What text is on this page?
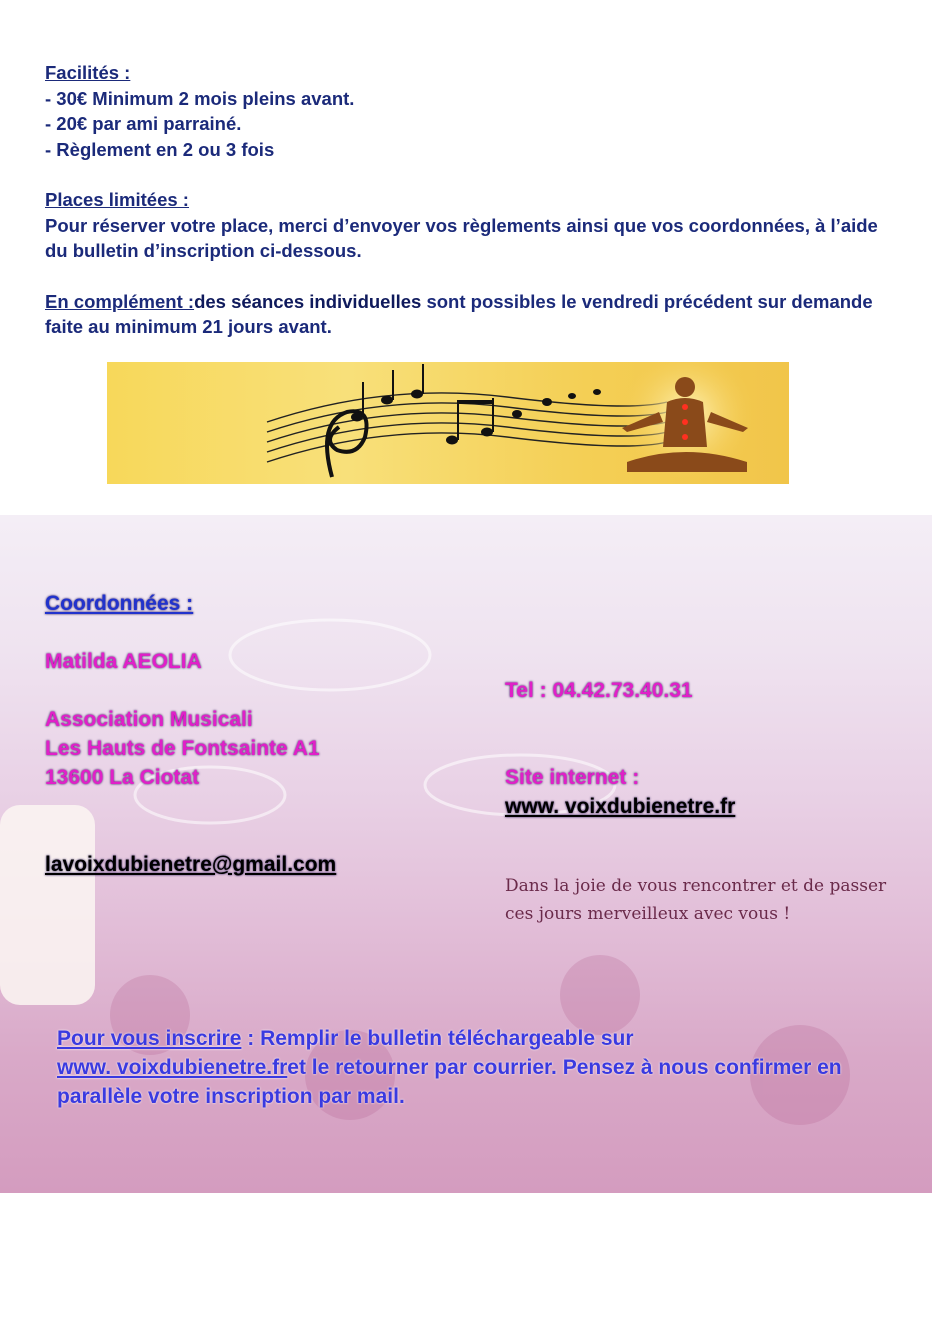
Facilités :

- 30€ Minimum 2 mois pleins avant.

- 20€ par ami parrainé.

- Règlement en 2 ou 3 fois

Places limitées :

Pour réserver votre place, merci d’envoyer vos règlements ainsi que vos coordonnées, à l’aide du bulletin d’inscription ci-dessous.

En complément :des séances individuelles sont possibles le vendredi précédent sur demande faite au minimum 21 jours avant.

Coordonnées :
Matilda AEOLIA
Association Musicali
Les Hauts de Fontsainte A1
13600 La Ciotat
lavoixdubienetre@gmail.com
Tel : 04.42.73.40.31
Site internet :
www. voixdubienetre.fr
Dans la joie de vous rencontrer et de passer ces jours merveilleux avec vous !
Pour vous inscrire : Remplir le bulletin téléchargeable sur
www. voixdubienetre.fret le retourner par courrier. Pensez à nous confirmer en parallèle votre inscription par mail.
